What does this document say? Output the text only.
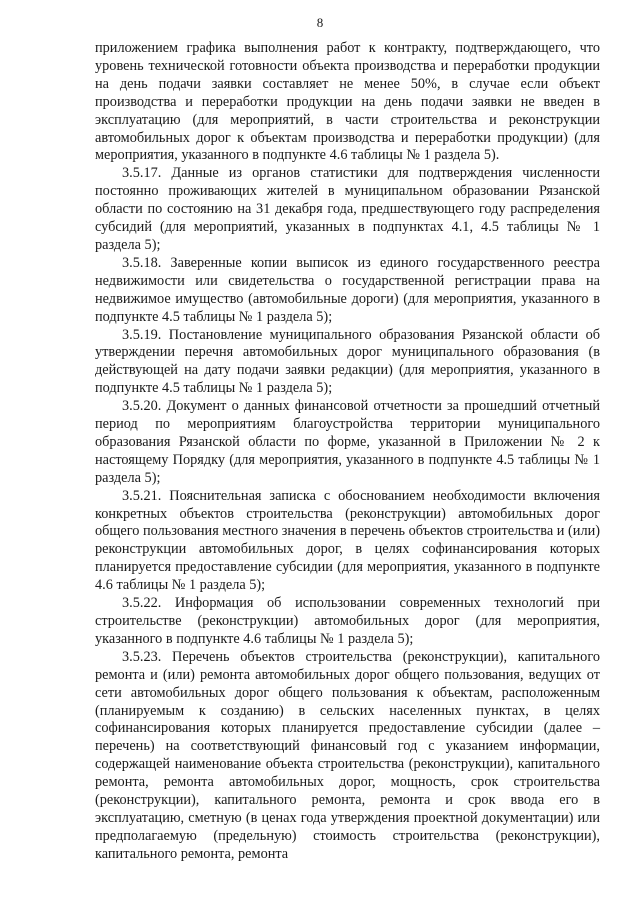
8

приложением графика выполнения работ к контракту, подтверждающего, что уровень технической готовности объекта производства и переработки продукции на день подачи заявки составляет не менее 50%, в случае если объект производства и переработки продукции на день подачи заявки не введен в эксплуатацию (для мероприятий, в части строительства и реконструкции автомобильных дорог к объектам производства и переработки продукции) (для мероприятия, указанного в подпункте 4.6 таблицы № 1 раздела 5).

3.5.17. Данные из органов статистики для подтверждения численности постоянно проживающих жителей в муниципальном образовании Рязанской области по состоянию на 31 декабря года, предшествующего году распределения субсидий (для мероприятий, указанных в подпунктах 4.1, 4.5 таблицы № 1 раздела 5);

3.5.18. Заверенные копии выписок из единого государственного реестра недвижимости или свидетельства о государственной регистрации права на недвижимое имущество (автомобильные дороги) (для мероприятия, указанного в подпункте 4.5 таблицы № 1 раздела 5);

3.5.19. Постановление муниципального образования Рязанской области об утверждении перечня автомобильных дорог муниципального образования (в действующей на дату подачи заявки редакции) (для мероприятия, указанного в подпункте 4.5 таблицы № 1 раздела 5);

3.5.20. Документ о данных финансовой отчетности за прошедший отчетный период по мероприятиям благоустройства территории муниципального образования Рязанской области по форме, указанной в Приложении № 2 к настоящему Порядку (для мероприятия, указанного в подпункте 4.5 таблицы № 1 раздела 5);

3.5.21. Пояснительная записка с обоснованием необходимости включения конкретных объектов строительства (реконструкции) автомобильных дорог общего пользования местного значения в перечень объектов строительства и (или) реконструкции автомобильных дорог, в целях софинансирования которых планируется предоставление субсидии (для мероприятия, указанного в подпункте 4.6 таблицы № 1 раздела 5);

3.5.22. Информация об использовании современных технологий при строительстве (реконструкции) автомобильных дорог (для мероприятия, указанного в подпункте 4.6 таблицы № 1 раздела 5);

3.5.23. Перечень объектов строительства (реконструкции), капитального ремонта и (или) ремонта автомобильных дорог общего пользования, ведущих от сети автомобильных дорог общего пользования к объектам, расположенным (планируемым к созданию) в сельских населенных пунктах, в целях софинансирования которых планируется предоставление субсидии (далее – перечень) на соответствующий финансовый год с указанием информации, содержащей наименование объекта строительства (реконструкции), капитального ремонта, ремонта автомобильных дорог, мощность, срок строительства (реконструкции), капитального ремонта, ремонта и срок ввода его в эксплуатацию, сметную (в ценах года утверждения проектной документации) или предполагаемую (предельную) стоимость строительства (реконструкции), капитального ремонта, ремонта
